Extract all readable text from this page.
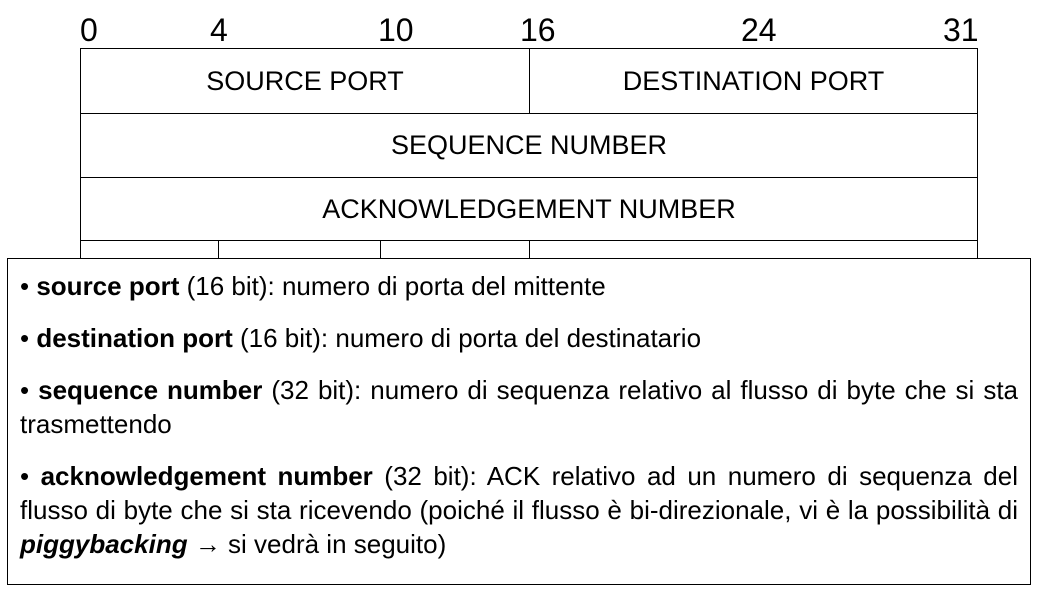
0	4	10	16	24	31
SOURCE PORT	DESTINATION PORT
SEQUENCE NUMBER
ACKNOWLEDGEMENT NUMBER

• source port (16 bit): numero di porta del mittente

• destination port (16 bit): numero di porta del destinatario

• sequence number (32 bit): numero di sequenza relativo al flusso di byte che si sta trasmettendo

• acknowledgement number (32 bit): ACK relativo ad un numero di sequenza del flusso di byte che si sta ricevendo (poiché il flusso è bi-direzionale, vi è la possibilità di piggybacking → si vedrà in seguito)
